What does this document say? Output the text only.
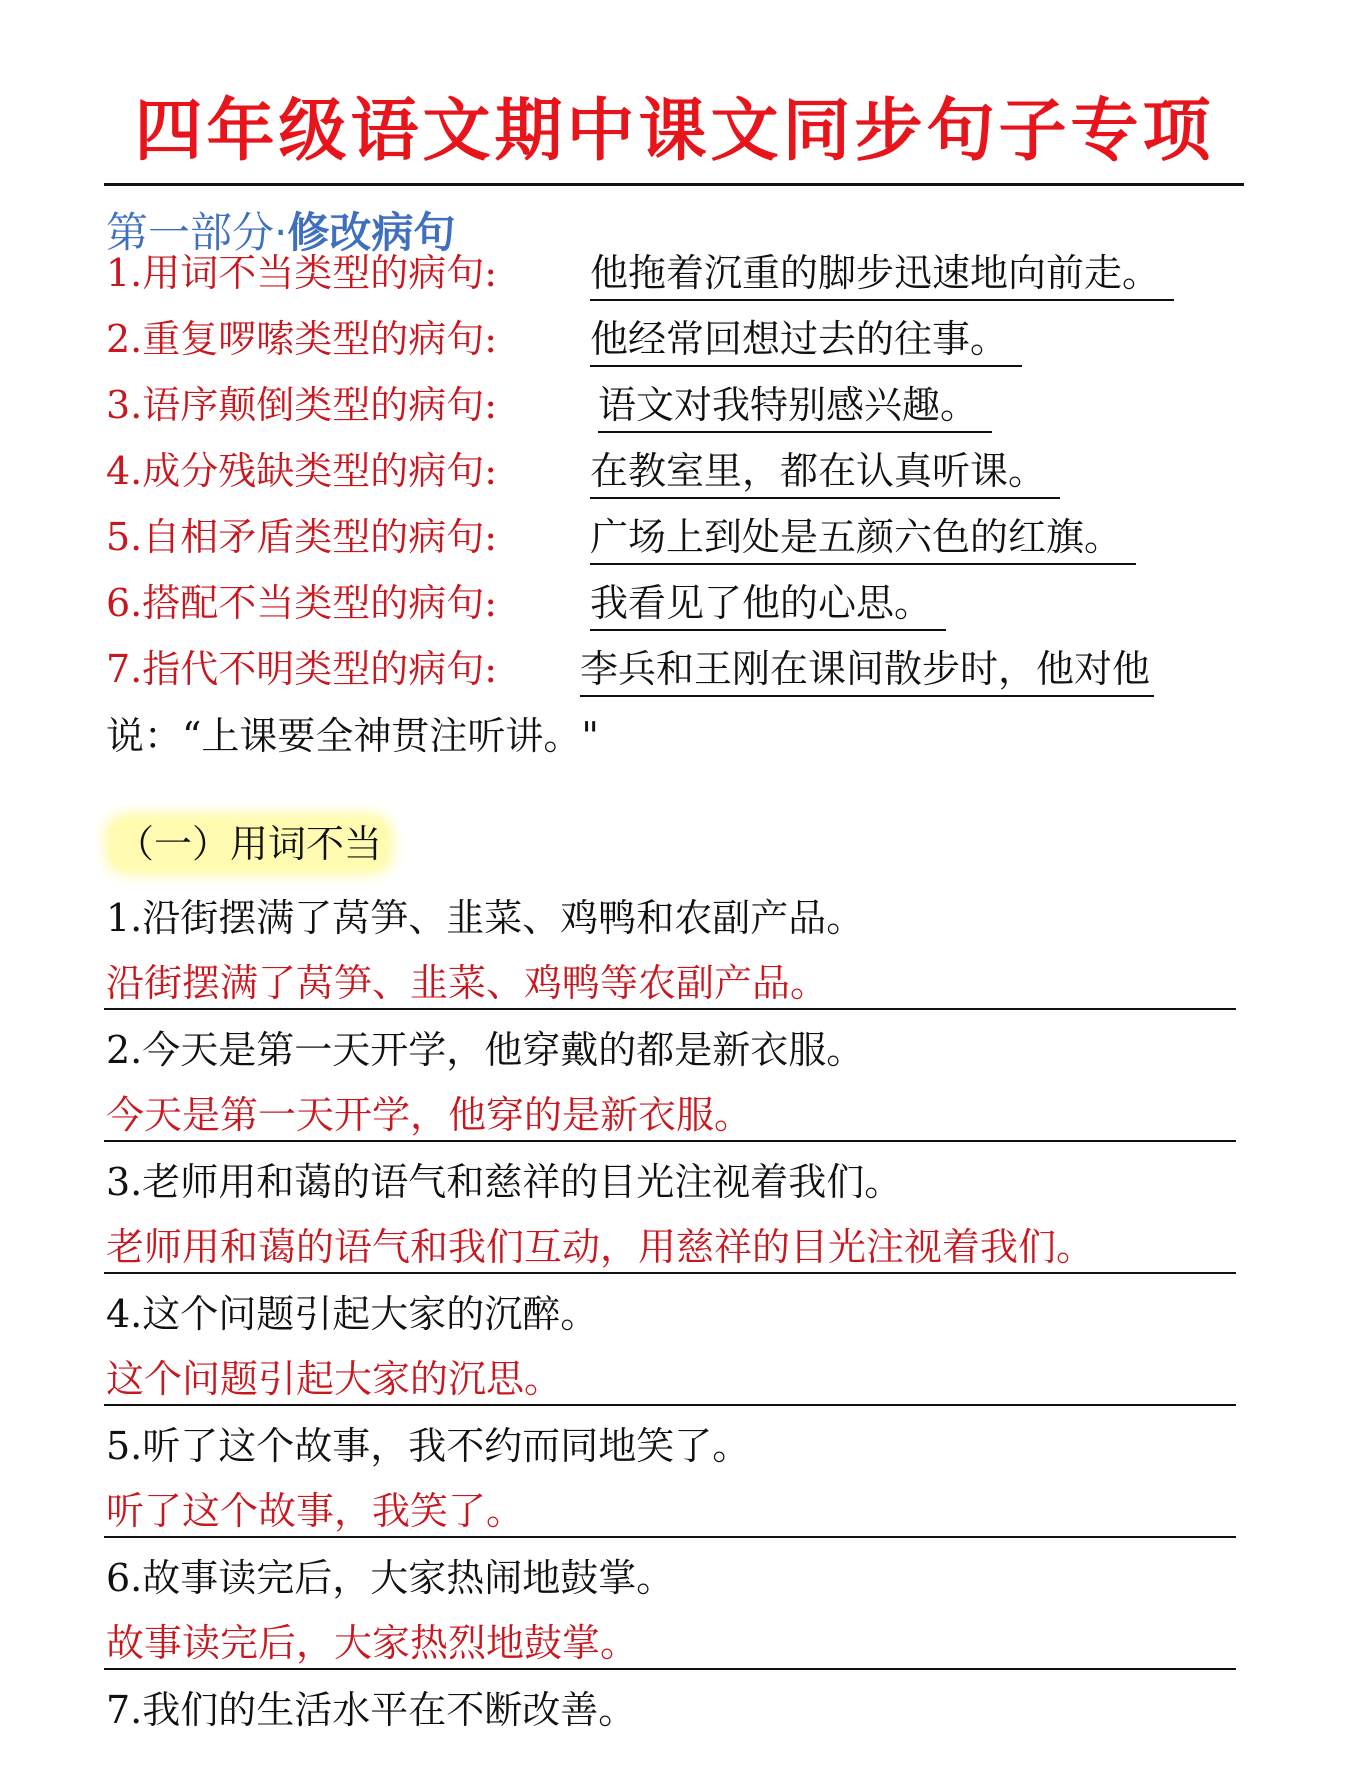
四年级语文期中课文同步句子专项
第一部分·修改病句
1.用词不当类型的病句: 他拖着沉重的脚步迅速地向前走。
2.重复啰嗦类型的病句: 他经常回想过去的往事。
3.语序颠倒类型的病句:	语文对我特别感兴趣。
4.成分残缺类型的病句: 在教室里，都在认真听课。
5.自相矛盾类型的病句: 广场上到处是五颜六色的红旗。
6.搭配不当类型的病句: 我看见了他的心思。
7.指代不明类型的病句: 李兵和王刚在课间散步时，他对他
说：“上课要全神贯注听讲。"
（一）用词不当
1.沿街摆满了莴笋、韭菜、鸡鸭和农副产品。
沿街摆满了莴笋、韭菜、鸡鸭等农副产品。
2.今天是第一天开学，他穿戴的都是新衣服。
今天是第一天开学，他穿的是新衣服。
3.老师用和蔼的语气和慈祥的目光注视着我们。
老师用和蔼的语气和我们互动，用慈祥的目光注视着我们。
4.这个问题引起大家的沉醉。
这个问题引起大家的沉思。
5.听了这个故事，我不约而同地笑了。
听了这个故事，我笑了。
6.故事读完后，大家热闹地鼓掌。
故事读完后，大家热烈地鼓掌。
7.我们的生活水平在不断改善。
